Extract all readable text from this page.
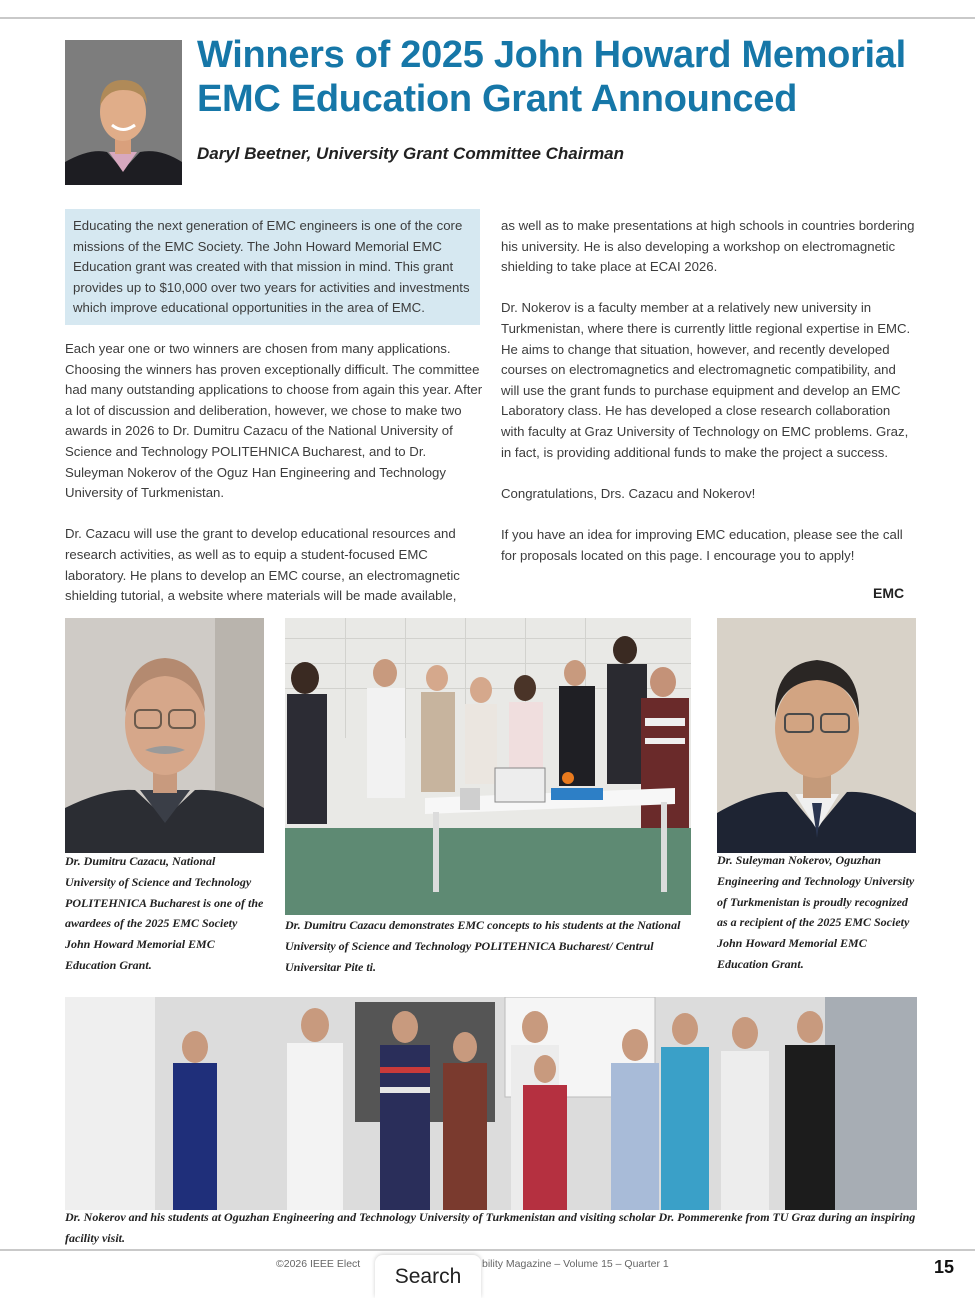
Winners of 2025 John Howard Memorial
EMC Education Grant Announced
Daryl Beetner, University Grant Committee Chairman
Educating the next generation of EMC engineers is one of the core missions of the EMC Society. The John Howard Memorial EMC Education grant was created with that mission in mind. This grant provides up to $10,000 over two years for activities and investments which improve educational opportunities in the area of EMC.

Each year one or two winners are chosen from many applications. Choosing the winners has proven exceptionally difficult. The committee had many outstanding applications to choose from again this year. After a lot of discussion and deliberation, however, we chose to make two awards in 2026 to Dr. Dumitru Cazacu of the National University of Science and Technology POLITEHNICA Bucharest, and to Dr. Suleyman Nokerov of the Oguz Han Engineering and Technology University of Turkmenistan.

Dr. Cazacu will use the grant to develop educational resources and research activities, as well as to equip a student-focused EMC laboratory. He plans to develop an EMC course, an electromagnetic shielding tutorial, a website where materials will be made available,

as well as to make presentations at high schools in countries bordering his university. He is also developing a workshop on electromagnetic shielding to take place at ECAI 2026.

Dr. Nokerov is a faculty member at a relatively new university in Turkmenistan, where there is currently little regional expertise in EMC. He aims to change that situation, however, and recently developed courses on electromagnetics and electromagnetic compatibility, and will use the grant funds to purchase equipment and develop an EMC Laboratory class. He has developed a close research collaboration with faculty at Graz University of Technology on EMC problems. Graz, in fact, is providing additional funds to make the project a success.

Congratulations, Drs. Cazacu and Nokerov!

If you have an idea for improving EMC education, please see the call for proposals located on this page. I encourage you to apply!

EMC
Dr. Dumitru Cazacu, National University of Science and Technology POLITEHNICA Bucharest is one of the awardees of the 2025 EMC Society John Howard Memorial EMC Education Grant.
Dr. Dumitru Cazacu demonstrates EMC concepts to his students at the National University of Science and Technology POLITEHNICA Bucharest/ Centrul Universitar Pite ti.
Dr. Suleyman Nokerov, Oguzhan Engineering and Technology University of Turkmenistan is proudly recognized as a recipient of the 2025 EMC Society John Howard Memorial EMC Education Grant.
Dr. Nokerov and his students at Oguzhan Engineering and Technology University of Turkmenistan and visiting scholar Dr. Pommerenke from TU Graz during an inspiring facility visit.
©2026 IEEE Elect	bility Magazine – Volume 15 – Quarter 1	15
Search
